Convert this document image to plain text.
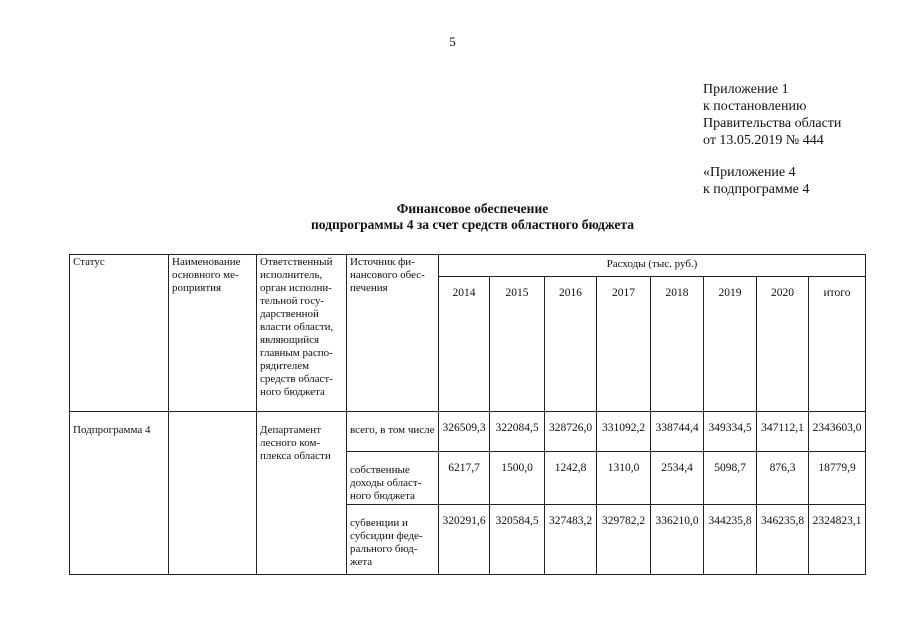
5
Приложение 1
к постановлению
Правительства области
от 13.05.2019 № 444
«Приложение 4
к подпрограмме 4
Финансовое обеспечение
подпрограммы 4 за счет средств областного бюджета
Статус	Наименование основного ме-роприятия	Ответственный исполнитель, орган исполни-тельной госу-дарственной власти области, являющийся главным распо-рядителем средств област-ного бюджета	Источник фи-нансового обес-печения	Расходы (тыс. руб.)							
				2014	2015	2016	2017	2018	2019	2020	итого
Подпрограмма 4		Департамент лесного ком-плекса области	всего, в том числе	326509,3	322084,5	328726,0	331092,2	338744,4	349334,5	347112,1	2343603,0
			собственные доходы област-ного бюджета	6217,7	1500,0	1242,8	1310,0	2534,4	5098,7	876,3	18779,9
			субвенции и субсидии феде-рального бюд-жета	320291,6	320584,5	327483,2	329782,2	336210,0	344235,8	346235,8	2324823,1
